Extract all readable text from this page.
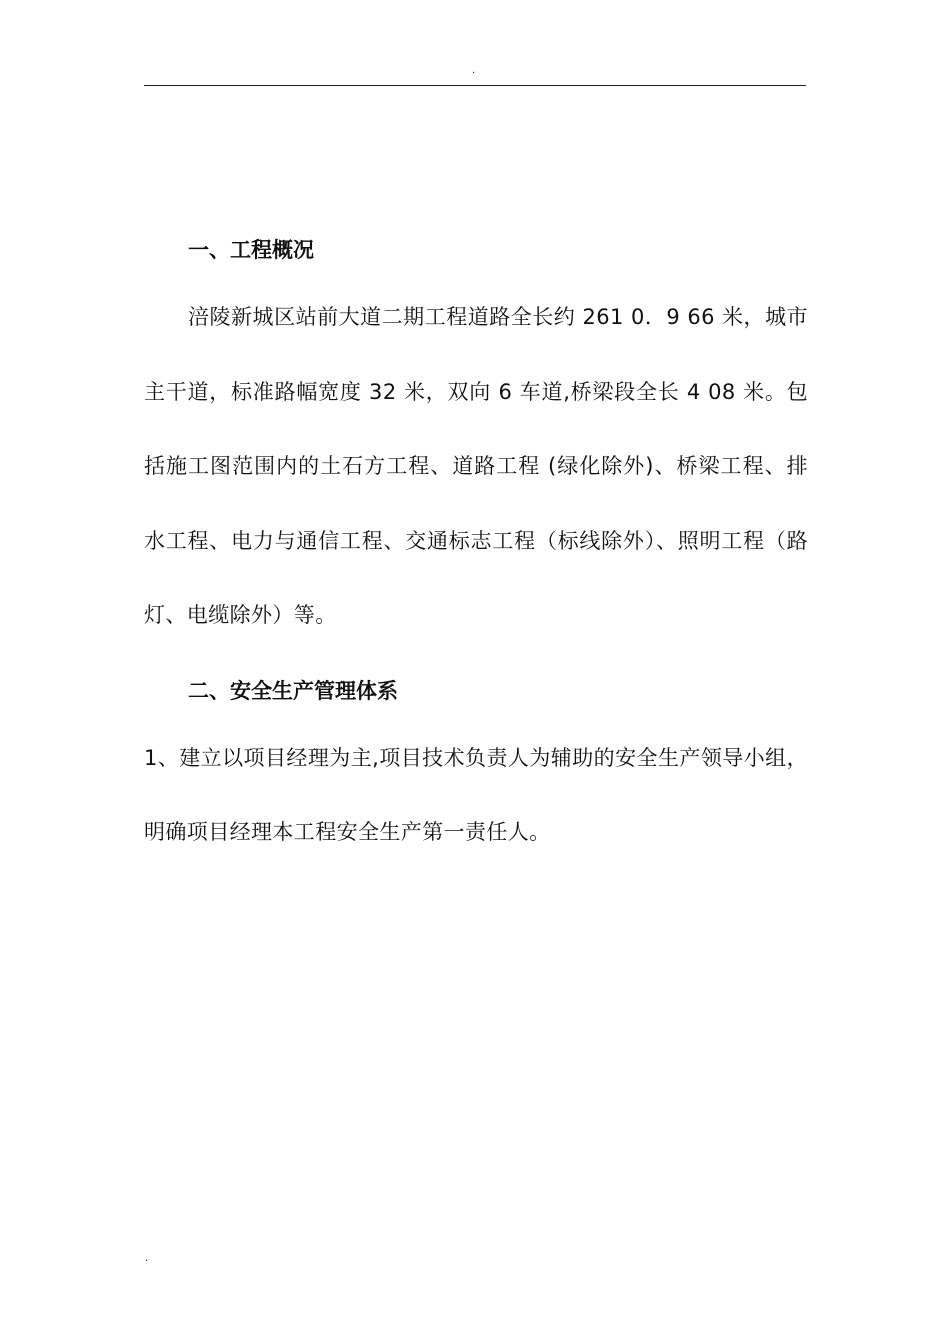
.
一、工程概况

涪陵新城区站前大道二期工程道路全长约 261 0．9 66 米，城市主干道，标准路幅宽度 32 米，双向 6 车道,桥梁段全长 4 08 米。包括施工图范围内的土石方工程、道路工程 (绿化除外)、桥梁工程、排水工程、电力与通信工程、交通标志工程（标线除外）、照明工程（路灯、电缆除外）等。

二、安全生产管理体系

1、建立以项目经理为主,项目技术负责人为辅助的安全生产领导小组，明确项目经理本工程安全生产第一责任人。

.
